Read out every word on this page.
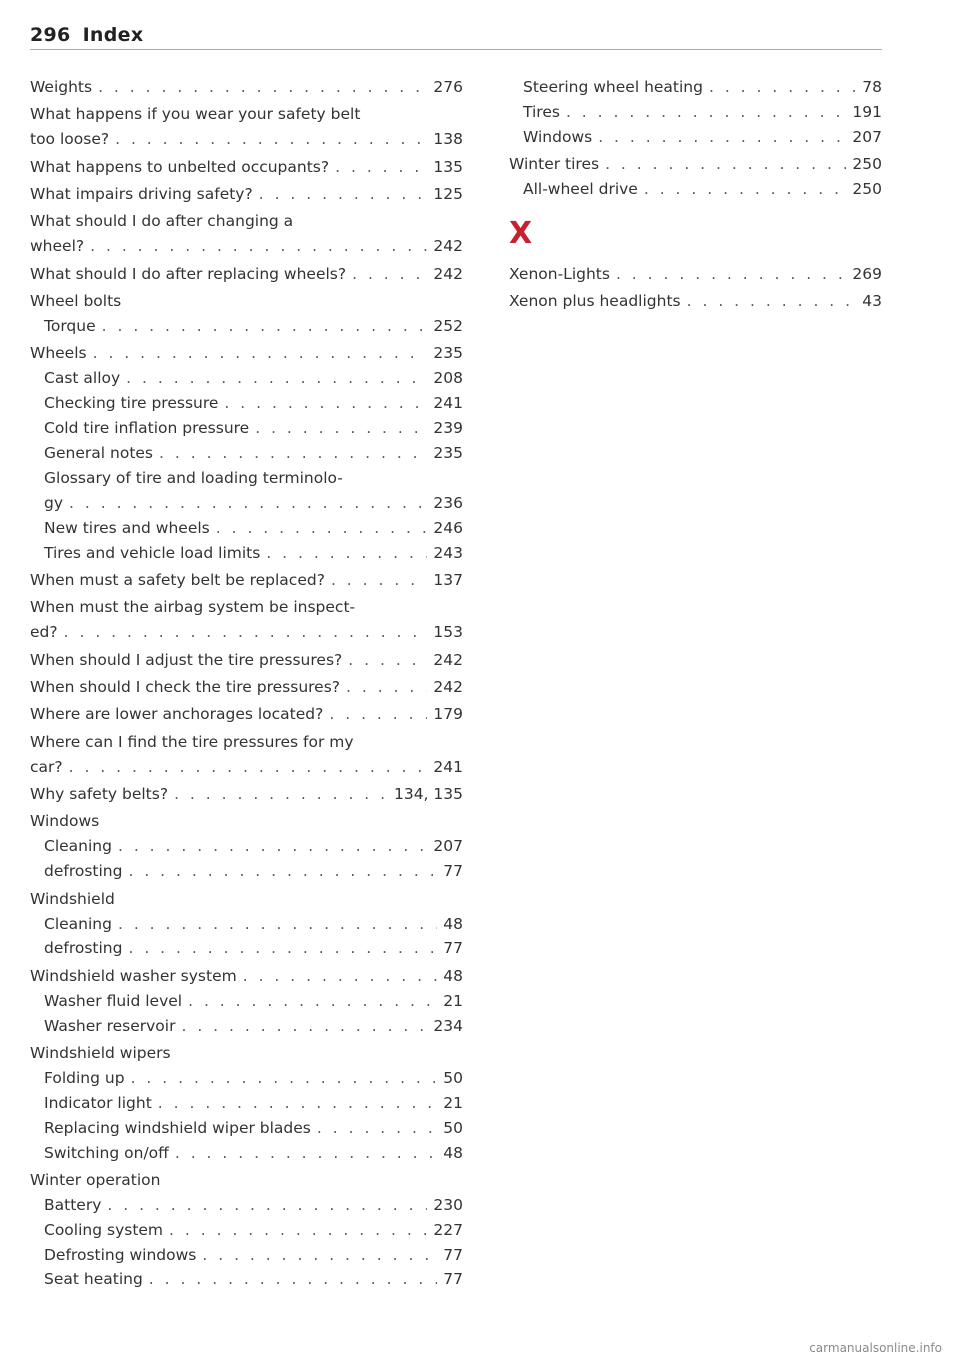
296 Index
Weights . . .	276
What happens if you wear your safety belt
too loose? . . .	138
What happens to unbelted occupants? . . .	135
What impairs driving safety? . . .	125
What should I do after changing a
wheel? . . .	242
What should I do after replacing wheels? . . .	242
Wheel bolts
Torque . . .	252
Wheels . . .	235
Cast alloy . . .	208
Checking tire pressure . . .	241
Cold tire inflation pressure . . .	239
General notes . . .	235
Glossary of tire and loading terminolo-
gy . . .	236
New tires and wheels . . .	246
Tires and vehicle load limits . . .	243
When must a safety belt be replaced? . . .	137
When must the airbag system be inspect-
ed? . . .	153
When should I adjust the tire pressures? . . .	242
When should I check the tire pressures? . . .	242
Where are lower anchorages located? . . .	179
Where can I find the tire pressures for my
car? . . .	241
Why safety belts? . . .	134, 135
Windows
Cleaning . . .	207
defrosting . . .	77
Windshield
Cleaning . . .	48
defrosting . . .	77
Windshield washer system . . .	48
Washer fluid level . . .	21
Washer reservoir . . .	234
Windshield wipers
Folding up . . .	50
Indicator light . . .	21
Replacing windshield wiper blades . . .	50
Switching on/off . . .	48
Winter operation
Battery . . .	230
Cooling system . . .	227
Defrosting windows . . .	77
Seat heating . . .	77
Steering wheel heating . . .	78
Tires . . .	191
Windows . . .	207
Winter tires . . .	250
All-wheel drive . . .	250
X
Xenon-Lights . . .	269
Xenon plus headlights . . .	43
carmanualsonline.info
